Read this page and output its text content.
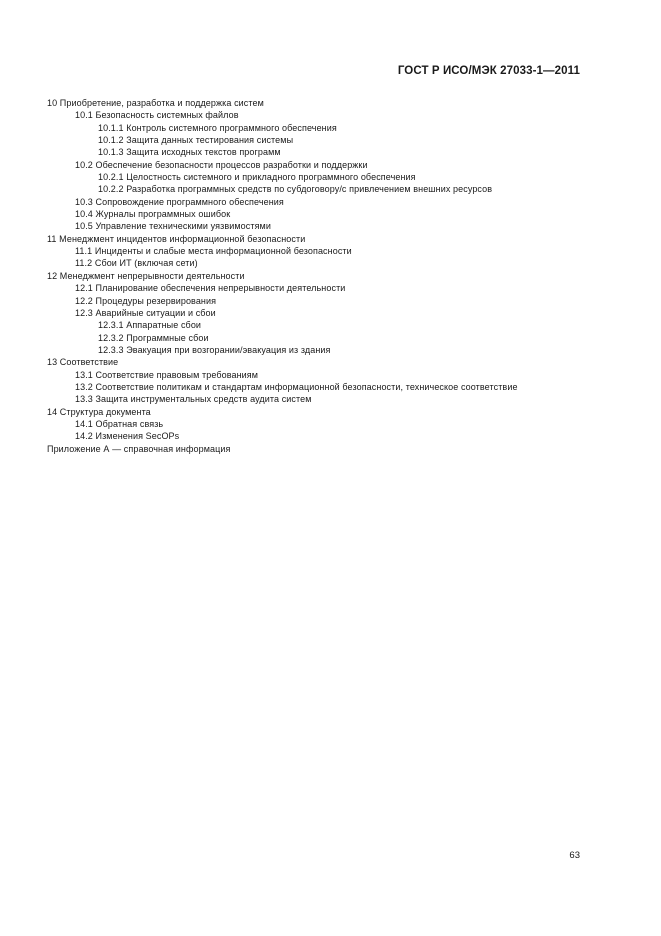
ГОСТ Р ИСО/МЭК 27033-1—2011
10 Приобретение, разработка и поддержка систем
10.1 Безопасность системных файлов
10.1.1 Контроль системного программного обеспечения
10.1.2 Защита данных тестирования системы
10.1.3 Защита исходных текстов программ
10.2 Обеспечение безопасности процессов разработки и поддержки
10.2.1 Целостность системного и прикладного программного обеспечения
10.2.2 Разработка программных средств по субдоговору/с привлечением внешних ресурсов
10.3 Сопровождение программного обеспечения
10.4 Журналы программных ошибок
10.5 Управление техническими уязвимостями
11 Менеджмент инцидентов информационной безопасности
11.1 Инциденты и слабые места информационной безопасности
11.2 Сбои ИТ (включая сети)
12 Менеджмент непрерывности деятельности
12.1 Планирование обеспечения непрерывности деятельности
12.2 Процедуры резервирования
12.3 Аварийные ситуации и сбои
12.3.1 Аппаратные сбои
12.3.2 Программные сбои
12.3.3 Эвакуация при возгорании/эвакуация из здания
13 Соответствие
13.1 Соответствие правовым требованиям
13.2 Соответствие политикам и стандартам информационной безопасности, техническое соответствие
13.3 Защита инструментальных средств аудита систем
14 Структура документа
14.1 Обратная связь
14.2 Изменения SecOPs
Приложение А — справочная информация
63
